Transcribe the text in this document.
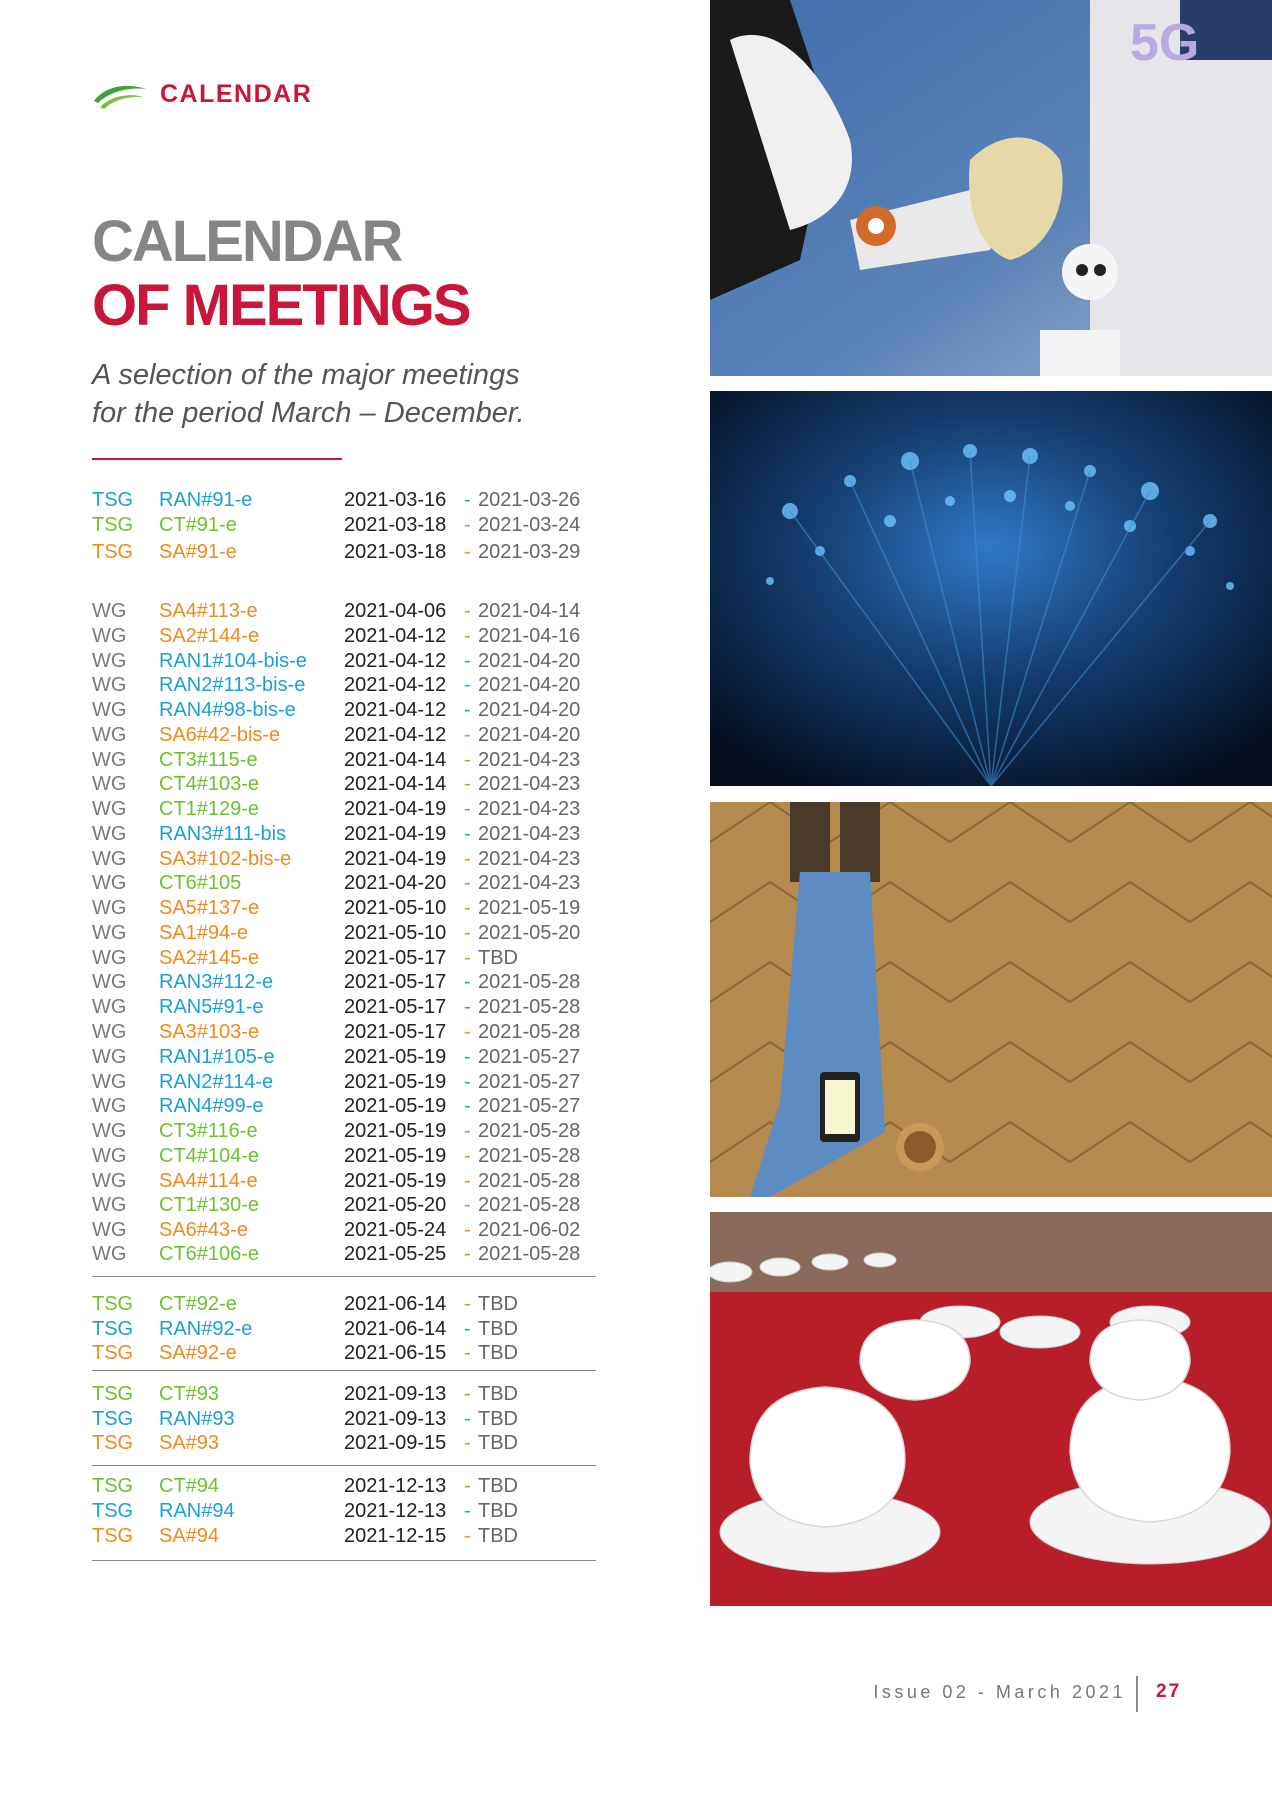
CALENDAR
CALENDAR
OF MEETINGS
A selection of the major meetings
for the period March – December.
TSG RAN#91-e	2021-03-16 - 2021-03-26
TSG CT#91-e	2021-03-18 - 2021-03-24
TSG SA#91-e	2021-03-18 - 2021-03-29
WG SA4#113-e	2021-04-06 - 2021-04-14
WG SA2#144-e	2021-04-12 - 2021-04-16
WG RAN1#104-bis-e 2021-04-12 - 2021-04-20
WG RAN2#113-bis-e 2021-04-12 - 2021-04-20
WG RAN4#98-bis-e 2021-04-12 - 2021-04-20
WG SA6#42-bis-e	2021-04-12 - 2021-04-20
WG CT3#115-e	2021-04-14 - 2021-04-23
WG CT4#103-e	2021-04-14 - 2021-04-23
WG CT1#129-e	2021-04-19 - 2021-04-23
WG RAN3#111-bis	2021-04-19 - 2021-04-23
WG SA3#102-bis-e	2021-04-19 - 2021-04-23
WG CT6#105	2021-04-20 - 2021-04-23
WG SA5#137-e	2021-05-10 - 2021-05-19
WG SA1#94-e	2021-05-10 - 2021-05-20
WG SA2#145-e	2021-05-17 - TBD
WG RAN3#112-e	2021-05-17 - 2021-05-28
WG RAN5#91-e	2021-05-17 - 2021-05-28
WG SA3#103-e	2021-05-17 - 2021-05-28
WG RAN1#105-e	2021-05-19 - 2021-05-27
WG RAN2#114-e	2021-05-19 - 2021-05-27
WG RAN4#99-e	2021-05-19 - 2021-05-27
WG CT3#116-e	2021-05-19 - 2021-05-28
WG CT4#104-e	2021-05-19 - 2021-05-28
WG SA4#114-e	2021-05-19 - 2021-05-28
WG CT1#130-e	2021-05-20 - 2021-05-28
WG SA6#43-e	2021-05-24 - 2021-06-02
WG CT6#106-e	2021-05-25 - 2021-05-28
TSG CT#92-e	2021-06-14 - TBD
TSG RAN#92-e	2021-06-14 - TBD
TSG SA#92-e	2021-06-15 - TBD
TSG CT#93	2021-09-13 - TBD
TSG RAN#93	2021-09-13 - TBD
TSG SA#93	2021-09-15 - TBD
TSG CT#94	2021-12-13 - TBD
TSG RAN#94	2021-12-13 - TBD
TSG SA#94	2021-12-15 - TBD
5G
Issue 02 - March 2021 27
